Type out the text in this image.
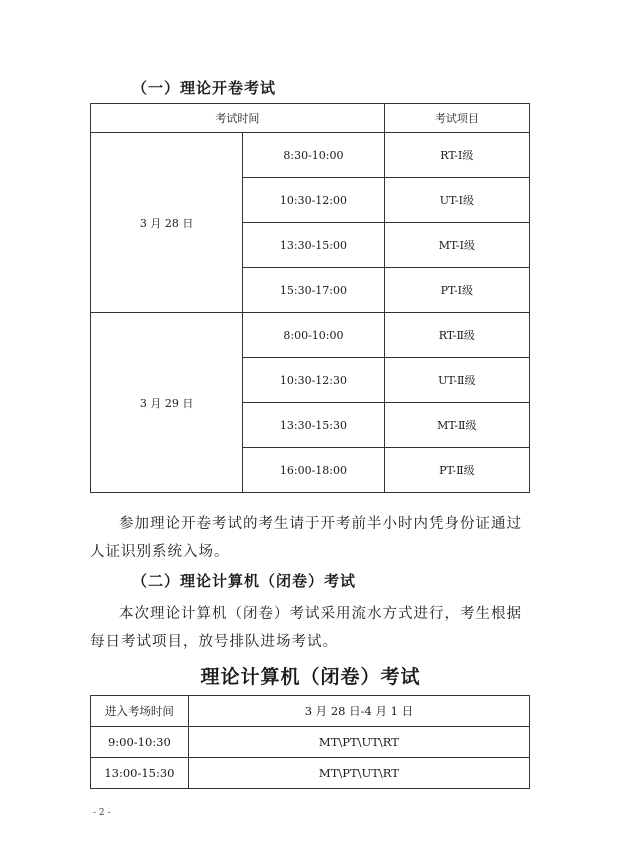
（一）理论开卷考试
考试时间		考试项目
3 月 28 日	8:30-10:00	RT-Ⅰ级
	10:30-12:00	UT-Ⅰ级
	13:30-15:00	MT-Ⅰ级
	15:30-17:00	PT-Ⅰ级
3 月 29 日	8:00-10:00	RT-Ⅱ级
	10:30-12:30	UT-Ⅱ级
	13:30-15:30	MT-Ⅱ级
	16:00-18:00	PT-Ⅱ级
参加理论开卷考试的考生请于开考前半小时内凭身份证通过人证识别系统入场。
（二）理论计算机（闭卷）考试
本次理论计算机（闭卷）考试采用流水方式进行，考生根据每日考试项目，放号排队进场考试。
理论计算机（闭卷）考试
进入考场时间	3 月 28 日-4 月 1 日
9:00-10:30	MT\PT\UT\RT
13:00-15:30	MT\PT\UT\RT
- 2 -
